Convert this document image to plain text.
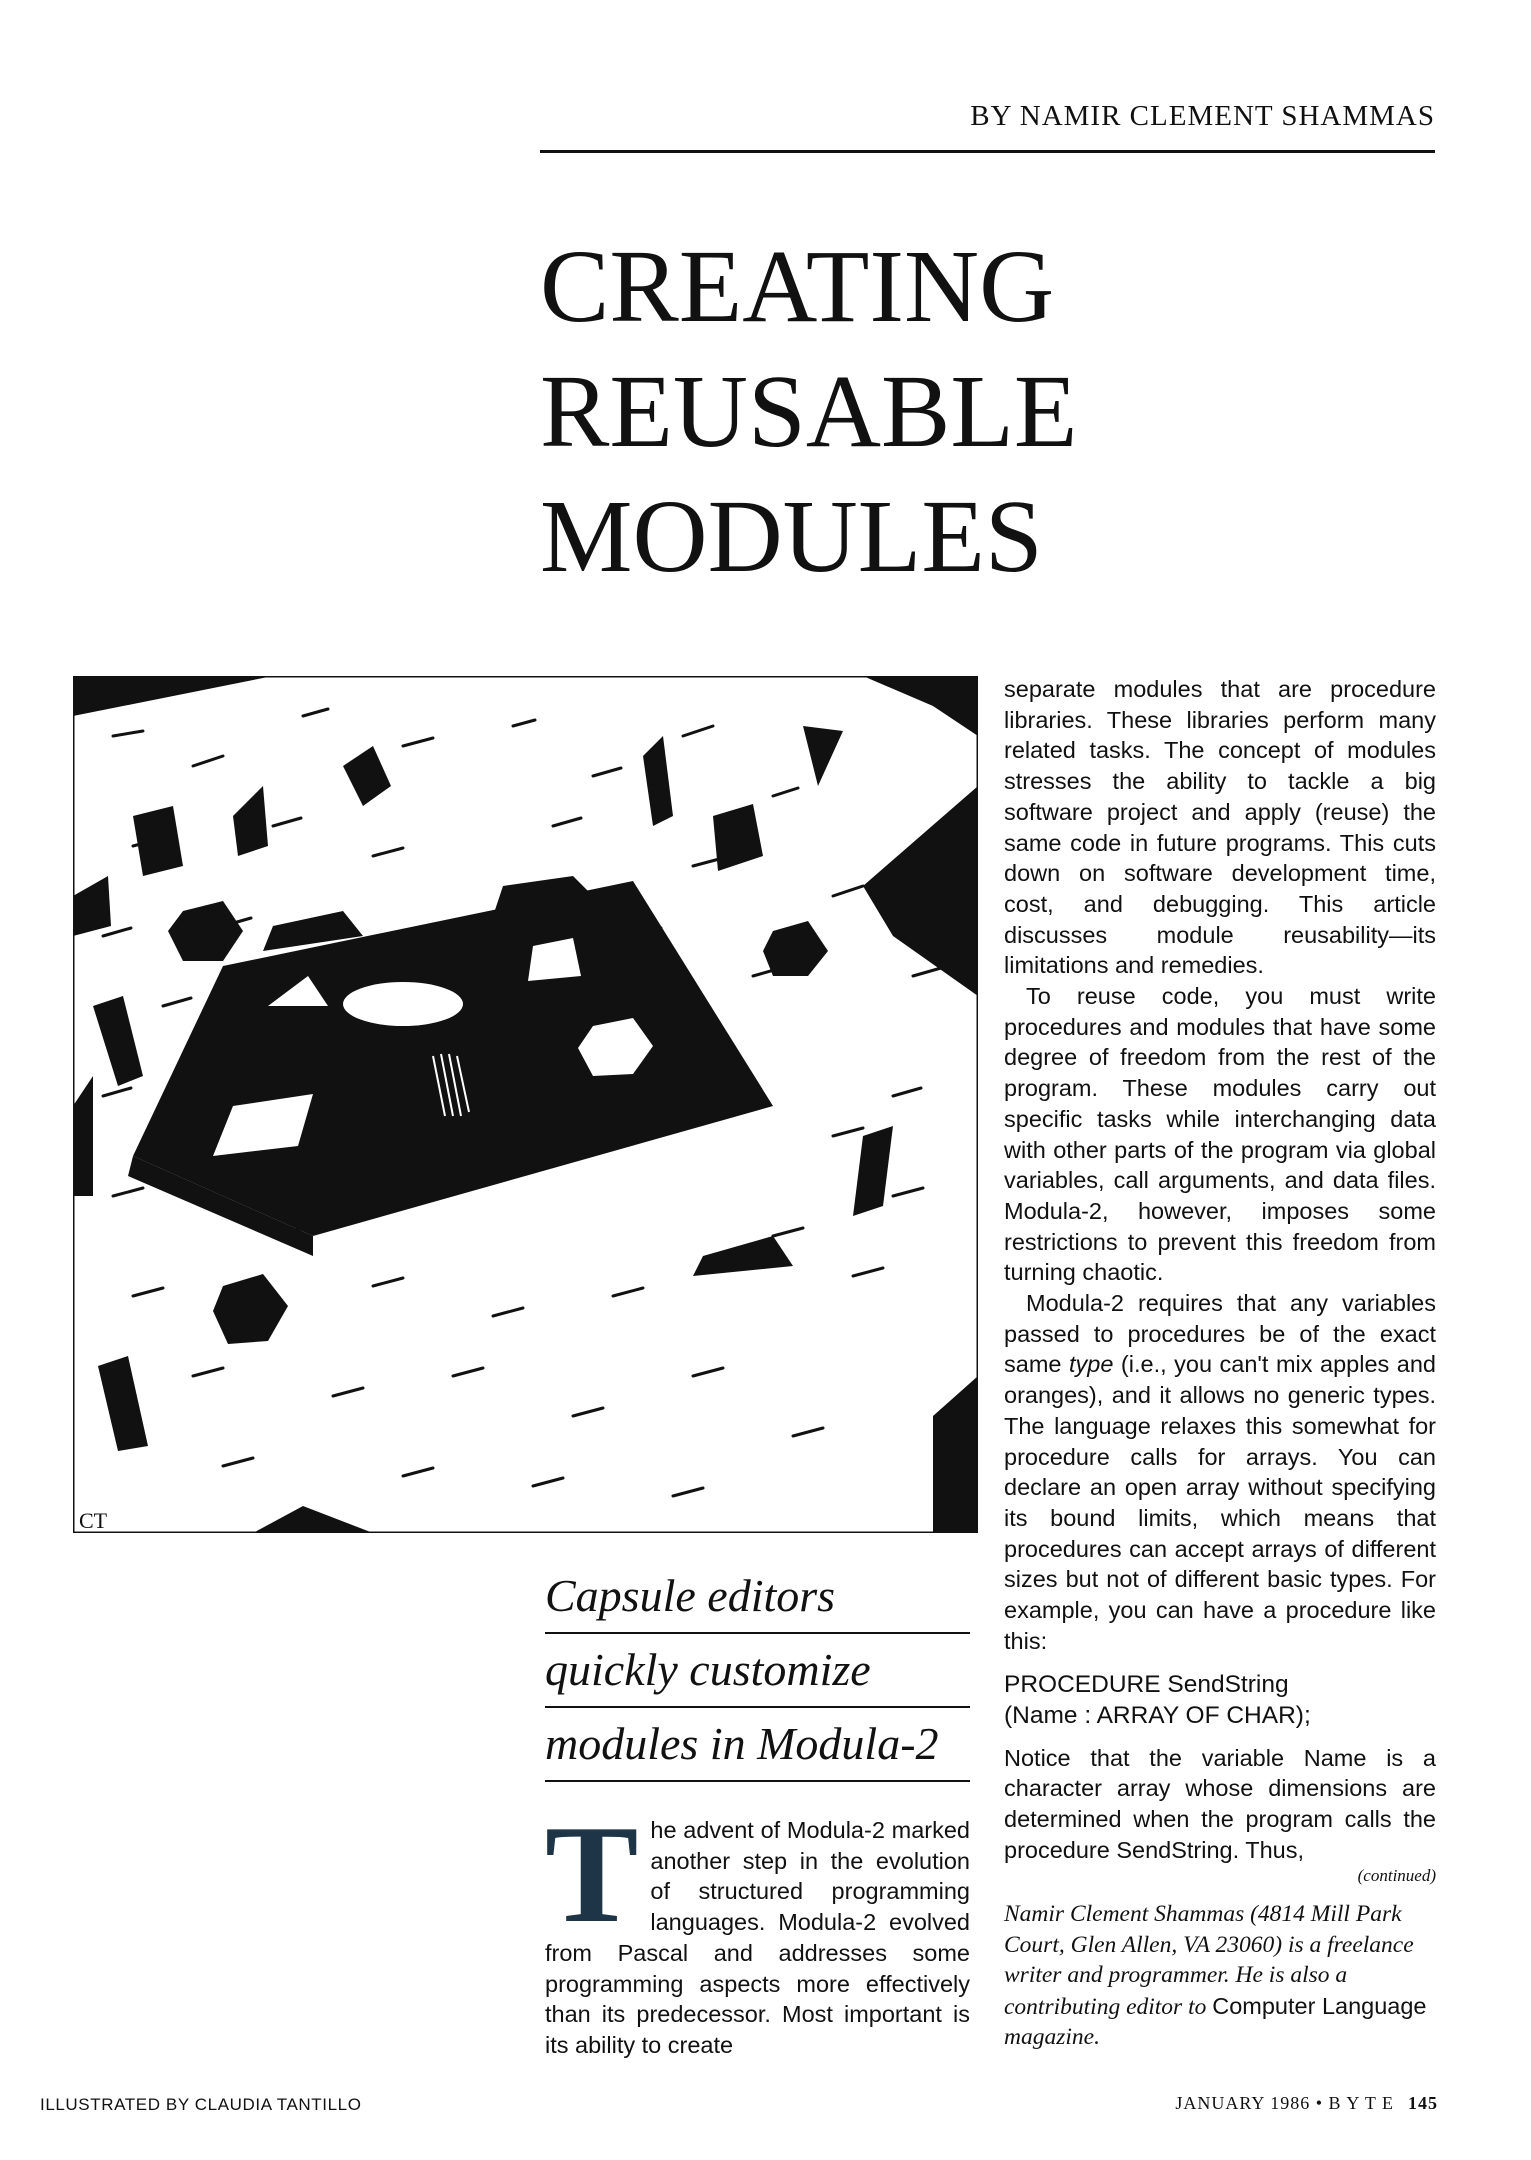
BY NAMIR CLEMENT SHAMMAS
CREATING
REUSABLE
MODULES
CT
Capsule editors
quickly customize
modules in Modula-2
The advent of Modula-2 marked another step in the evolution of structured programming languages. Modula-2 evolved from Pascal and addresses some programming aspects more effectively than its predecessor. Most important is its ability to create

separate modules that are procedure libraries. These libraries perform many related tasks. The concept of modules stresses the ability to tackle a big software project and apply (reuse) the same code in future programs. This cuts down on software development time, cost, and debugging. This article discusses module reusability—its limitations and remedies.

To reuse code, you must write procedures and modules that have some degree of freedom from the rest of the program. These modules carry out specific tasks while interchanging data with other parts of the program via global variables, call arguments, and data files. Modula-2, however, imposes some restrictions to prevent this freedom from turning chaotic.

Modula-2 requires that any variables passed to procedures be of the exact same type (i.e., you can't mix apples and oranges), and it allows no generic types. The language relaxes this somewhat for procedure calls for arrays. You can declare an open array without specifying its bound limits, which means that procedures can accept arrays of different sizes but not of different basic types. For example, you can have a procedure like this:

PROCEDURE SendString
(Name : ARRAY OF CHAR);

Notice that the variable Name is a character array whose dimensions are determined when the program calls the procedure SendString. Thus,

(continued)

Namir Clement Shammas (4814 Mill Park Court, Glen Allen, VA 23060) is a freelance writer and programmer. He is also a contributing editor to Computer Language magazine.

ILLUSTRATED BY CLAUDIA TANTILLO	JANUARY 1986 • B Y T E 145
